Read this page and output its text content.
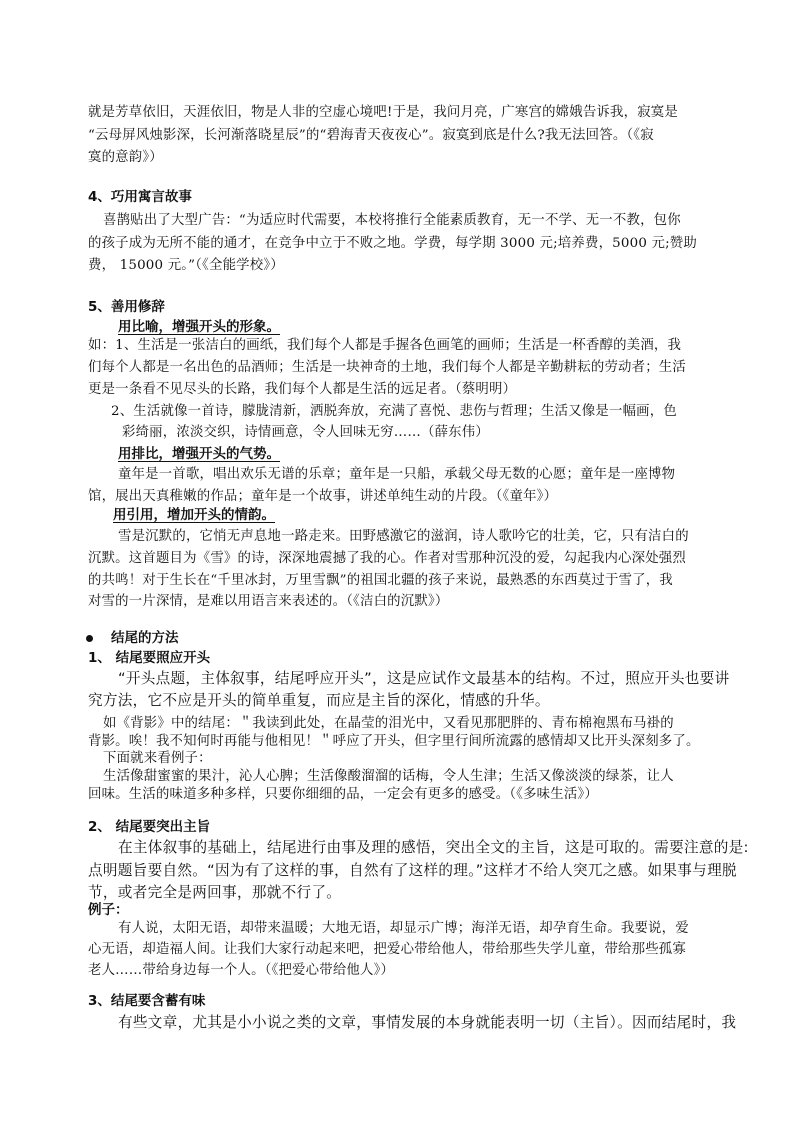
就是芳草依旧，天涯依旧，物是人非的空虚心境吧!于是，我问月亮，广寒宫的嫦娥告诉我，寂寞是

“云母屏风烛影深，长河渐落晓星辰”的“碧海青天夜夜心”。寂寞到底是什么?我无法回答。（《寂

寞的意韵》）

4、巧用寓言故事

喜鹊贴出了大型广告：“为适应时代需要，本校将推行全能素质教育，无一不学、无一不教，包你

的孩子成为无所不能的通才，在竞争中立于不败之地。学费，每学期 3000 元;培养费，5000 元;赞助

费， 15000 元。”（《全能学校》）

5、善用修辞

用比喻，增强开头的形象。

如：1、生活是一张洁白的画纸，我们每个人都是手握各色画笔的画师；生活是一杯香醇的美酒，我

们每个人都是一名出色的品酒师；生活是一块神奇的土地，我们每个人都是辛勤耕耘的劳动者；生活

更是一条看不见尽头的长路，我们每个人都是生活的远足者。（蔡明明）

2、生活就像一首诗，朦胧清新，洒脱奔放，充满了喜悦、悲伤与哲理；生活又像是一幅画，色

彩绮丽，浓淡交织，诗情画意，令人回味无穷……（薛东伟）

用排比，增强开头的气势。

童年是一首歌，唱出欢乐无谱的乐章；童年是一只船，承载父母无数的心愿；童年是一座博物

馆，展出天真稚嫩的作品；童年是一个故事，讲述单纯生动的片段。（《童年》）

用引用，增加开头的情韵。

雪是沉默的，它悄无声息地一路走来。田野感激它的滋润，诗人歌吟它的壮美，它，只有洁白的

沉默。这首题目为《雪》的诗，深深地震撼了我的心。作者对雪那种沉没的爱，勾起我内心深处强烈

的共鸣！对于生长在“千里冰封，万里雪飘”的祖国北疆的孩子来说，最熟悉的东西莫过于雪了，我

对雪的一片深情，是难以用语言来表述的。（《洁白的沉默》）

结尾的方法

1、 结尾要照应开头

“开头点题，主体叙事，结尾呼应开头”，这是应试作文最基本的结构。不过，照应开头也要讲

究方法，它不应是开头的简单重复，而应是主旨的深化，情感的升华。

如《背影》中的结尾：＂我读到此处，在晶莹的泪光中，又看见那肥胖的、青布棉袍黑布马褂的

背影。唉！我不知何时再能与他相见！＂呼应了开头，但字里行间所流露的感情却又比开头深刻多了。

下面就来看例子：

生活像甜蜜蜜的果汁，沁人心脾；生活像酸溜溜的话梅，令人生津；生活又像淡淡的绿茶，让人

回味。生活的味道多种多样，只要你细细的品，一定会有更多的感受。（《多味生活》）

2、 结尾要突出主旨

在主体叙事的基础上，结尾进行由事及理的感悟，突出全文的主旨，这是可取的。需要注意的是:

点明题旨要自然。“因为有了这样的事，自然有了这样的理。”这样才不给人突兀之感。如果事与理脱

节，或者完全是两回事，那就不行了。

例子：

有人说，太阳无语，却带来温暖；大地无语，却显示广博；海洋无语，却孕育生命。我要说，爱

心无语，却造福人间。让我们大家行动起来吧，把爱心带给他人，带给那些失学儿童，带给那些孤寡

老人……带给身边每一个人。（《把爱心带给他人》）

3、结尾要含蓄有味

有些文章，尤其是小小说之类的文章，事情发展的本身就能表明一切（主旨）。因而结尾时，我
